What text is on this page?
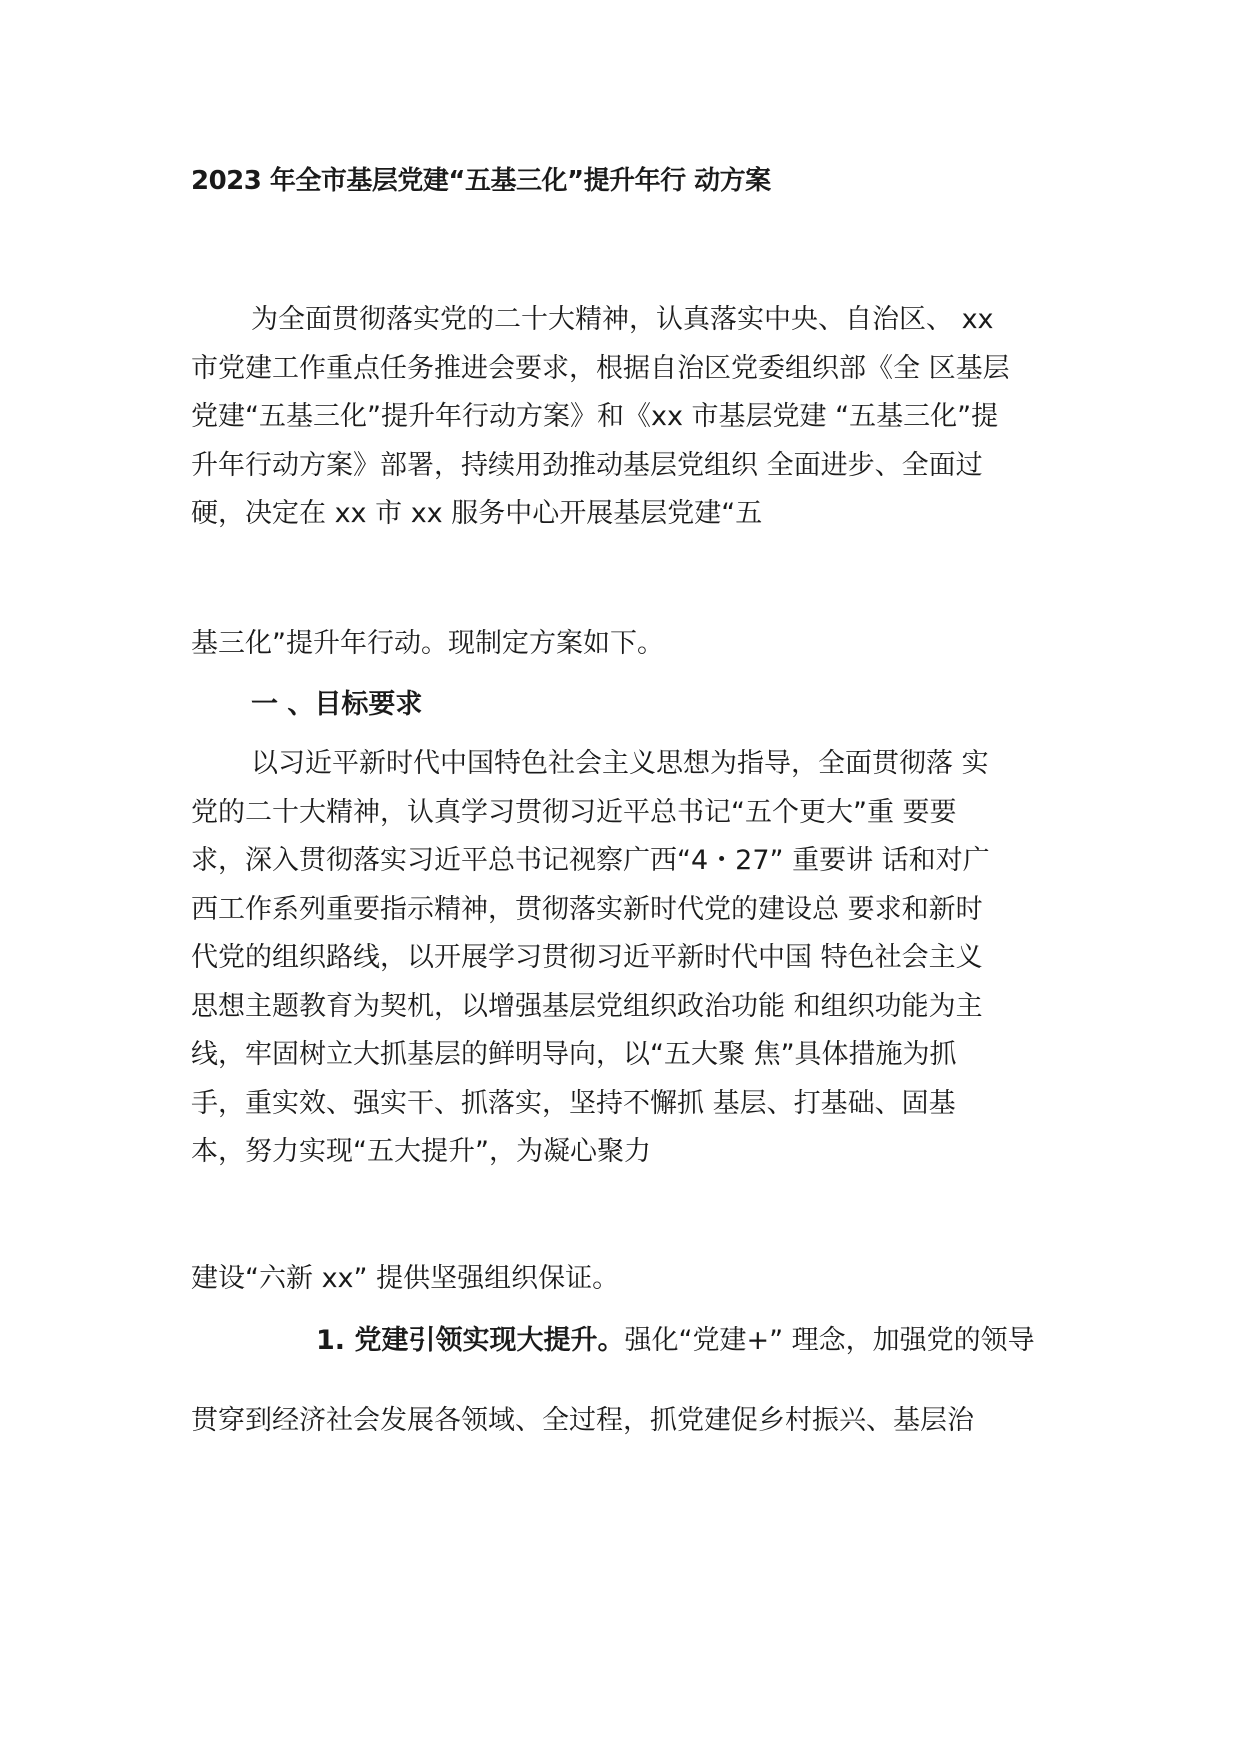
2023 年全市基层党建“五基三化”提升年行 动方案

为全面贯彻落实党的二十大精神，认真落实中央、自治区、 xx
市党建工作重点任务推进会要求，根据自治区党委组织部《全 区基层
党建“五基三化”提升年行动方案》和《xx 市基层党建 “五基三化”提
升年行动方案》部署，持续用劲推动基层党组织 全面进步、全面过
硬，决定在 xx 市 xx 服务中心开展基层党建“五

基三化”提升年行动。现制定方案如下。

一 、目标要求

以习近平新时代中国特色社会主义思想为指导，全面贯彻落 实
党的二十大精神，认真学习贯彻习近平总书记“五个更大”重 要要
求，深入贯彻落实习近平总书记视察广西“4・27” 重要讲 话和对广
西工作系列重要指示精神，贯彻落实新时代党的建设总 要求和新时
代党的组织路线，以开展学习贯彻习近平新时代中国 特色社会主义
思想主题教育为契机，以增强基层党组织政治功能 和组织功能为主
线，牢固树立大抓基层的鲜明导向，以“五大聚 焦”具体措施为抓
手，重实效、强实干、抓落实，坚持不懈抓 基层、打基础、固基
本，努力实现“五大提升”，为凝心聚力

建设“六新 xx” 提供坚强组织保证。

1. 党建引领实现大提升。强化“党建+” 理念，加强党的领导

贯穿到经济社会发展各领域、全过程，抓党建促乡村振兴、基层治
